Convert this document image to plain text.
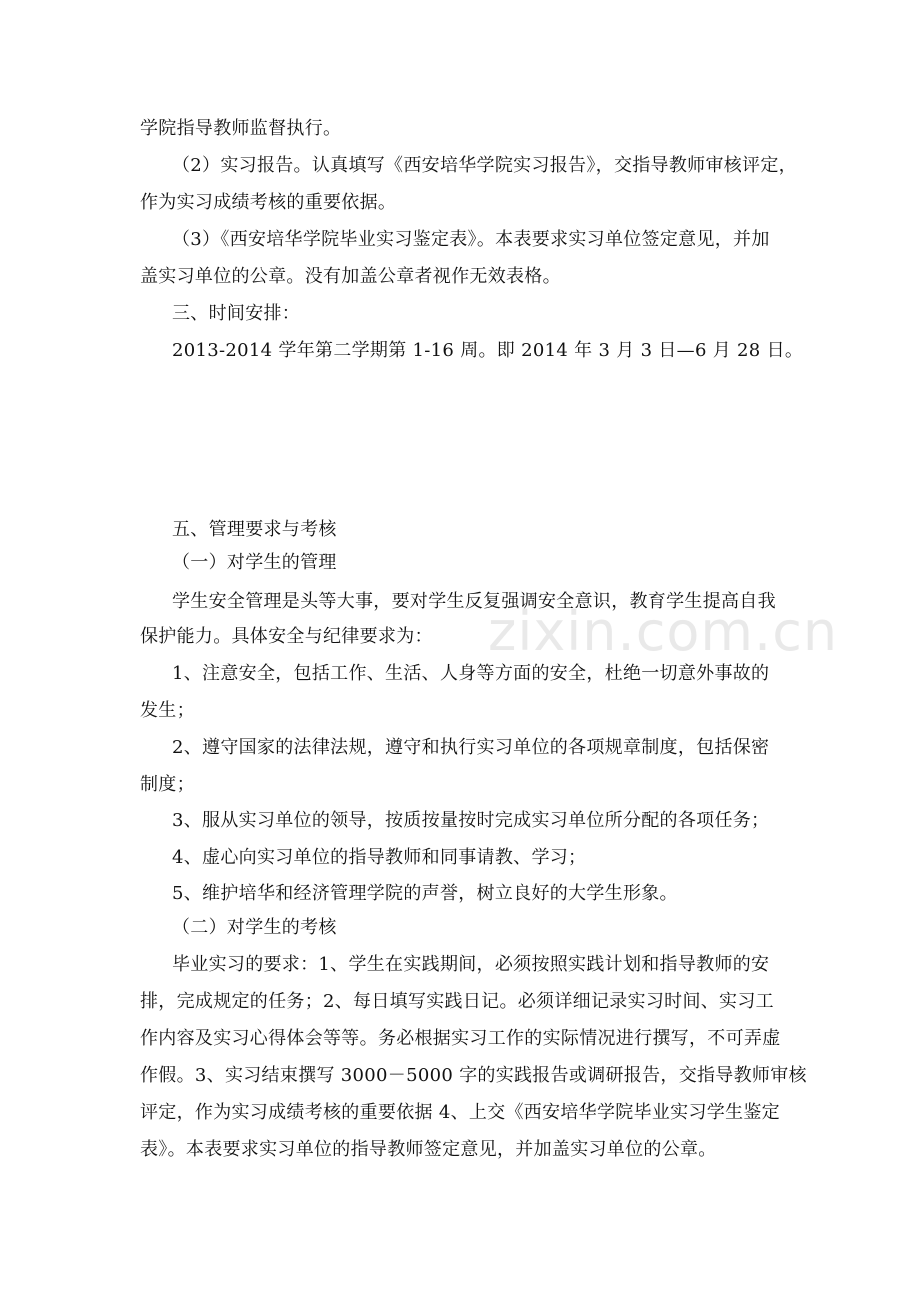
zixin.com.cn
学院指导教师监督执行。
（2）实习报告。认真填写《西安培华学院实习报告》，交指导教师审核评定，
作为实习成绩考核的重要依据。
（3）《西安培华学院毕业实习鉴定表》。本表要求实习单位签定意见，并加
盖实习单位的公章。没有加盖公章者视作无效表格。
三、时间安排：
2013-2014 学年第二学期第 1-16 周。即 2014 年 3 月 3 日—6 月 28 日。
五、管理要求与考核
（一）对学生的管理
学生安全管理是头等大事，要对学生反复强调安全意识，教育学生提高自我
保护能力。具体安全与纪律要求为：
1、注意安全，包括工作、生活、人身等方面的安全，杜绝一切意外事故的
发生；
2、遵守国家的法律法规，遵守和执行实习单位的各项规章制度，包括保密
制度；
3、服从实习单位的领导，按质按量按时完成实习单位所分配的各项任务；
4、虚心向实习单位的指导教师和同事请教、学习；
5、维护培华和经济管理学院的声誉，树立良好的大学生形象。
（二）对学生的考核
毕业实习的要求：1、学生在实践期间，必须按照实践计划和指导教师的安
排，完成规定的任务；2、每日填写实践日记。必须详细记录实习时间、实习工
作内容及实习心得体会等等。务必根据实习工作的实际情况进行撰写，不可弄虚
作假。3、实习结束撰写 3000－5000 字的实践报告或调研报告，交指导教师审核
评定，作为实习成绩考核的重要依据 4、上交《西安培华学院毕业实习学生鉴定
表》。本表要求实习单位的指导教师签定意见，并加盖实习单位的公章。
